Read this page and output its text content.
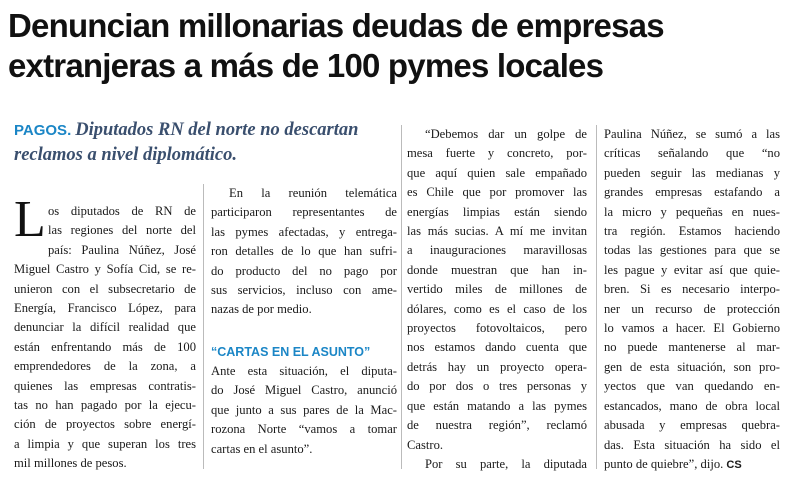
Denuncian millonarias deudas de empresas
extranjeras a más de 100 pymes locales
PAGOS. Diputados RN del norte no descartan reclamos a nivel diplomático.
L os diputados de RN de
las regiones del norte del
país: Paulina Núñez, José
Miguel Castro y Sofía Cid, se re-
unieron con el subsecretario de
Energía, Francisco López, para
denunciar la difícil realidad que
están enfrentando más de 100
emprendedores de la zona, a
quienes las empresas contratis-
tas no han pagado por la ejecu-
ción de proyectos sobre energí-
a limpia y que superan los tres
mil millones de pesos.
En la reunión telemática
participaron representantes de
las pymes afectadas, y entrega-
ron detalles de lo que han sufri-
do producto del no pago por
sus servicios, incluso con ame-
nazas de por medio.
“CARTAS EN EL ASUNTO”
Ante esta situación, el diputa-
do José Miguel Castro, anunció
que junto a sus pares de la Mac-
rozona Norte “vamos a tomar
cartas en el asunto”.
“Debemos dar un golpe de
mesa fuerte y concreto, por-
que aquí quien sale empañado
es Chile que por promover las
energías limpias están siendo
las más sucias. A mí me invitan
a inauguraciones maravillosas
donde muestran que han in-
vertido miles de millones de
dólares, como es el caso de los
proyectos fotovoltaicos, pero
nos estamos dando cuenta que
detrás hay un proyecto opera-
do por dos o tres personas y
que están matando a las pymes
de nuestra región”, reclamó
Castro.
Por su parte, la diputada
Paulina Núñez, se sumó a las
críticas señalando que “no
pueden seguir las medianas y
grandes empresas estafando a
la micro y pequeñas en nues-
tra región. Estamos haciendo
todas las gestiones para que se
les pague y evitar así que quie-
bren. Si es necesario interpo-
ner un recurso de protección
lo vamos a hacer. El Gobierno
no puede mantenerse al mar-
gen de esta situación, son pro-
yectos que van quedando en-
estancados, mano de obra local
abusada y empresas quebra-
das. Esta situación ha sido el
punto de quiebre”, dijo. CS
